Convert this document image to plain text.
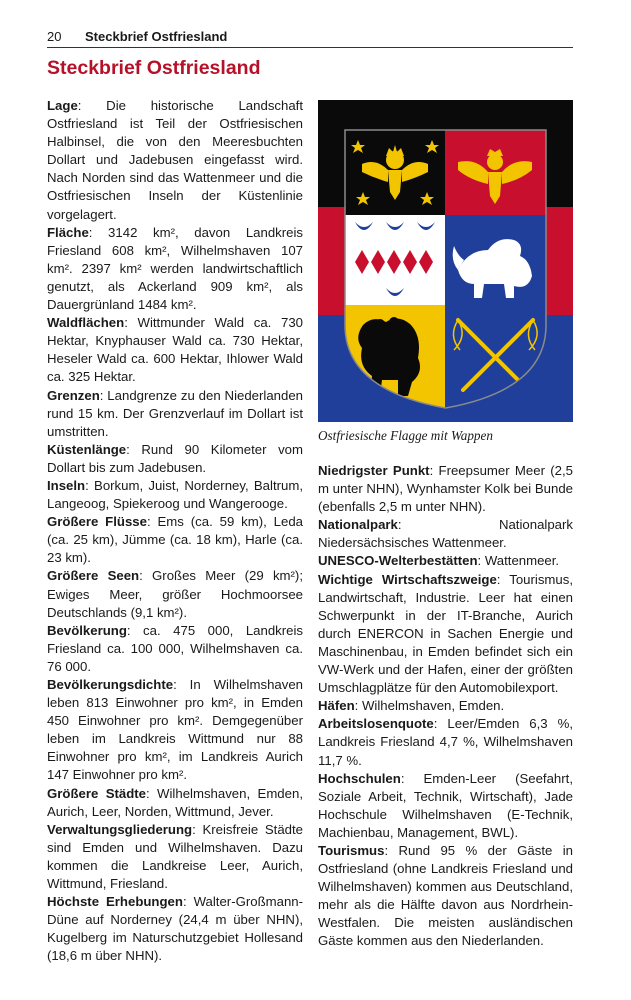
20 Steckbrief Ostfriesland
Steckbrief Ostfriesland

Lage: Die historische Landschaft Ostfriesland ist Teil der Ostfriesischen Halbinsel, die von den Meeresbuchten Dollart und Jadebusen eingefasst wird. Nach Norden sind das Wattenmeer und die Ostfriesischen Inseln der Küstenlinie vorgelagert.

Fläche: 3142 km², davon Landkreis Friesland 608 km², Wilhelmshaven 107 km². 2397 km² werden landwirtschaftlich genutzt, als Ackerland 909 km², als Dauergrünland 1484 km².

Waldflächen: Wittmunder Wald ca. 730 Hektar, Knyphauser Wald ca. 730 Hektar, Heseler Wald ca. 600 Hektar, Ihlower Wald ca. 325 Hektar.

Grenzen: Landgrenze zu den Niederlanden rund 15 km. Der Grenzverlauf im Dollart ist umstritten.

Küstenlänge: Rund 90 Kilometer vom Dollart bis zum Jadebusen.

Inseln: Borkum, Juist, Norderney, Baltrum, Langeoog, Spiekeroog und Wangerooge.

Größere Flüsse: Ems (ca. 59 km), Leda (ca. 25 km), Jümme (ca. 18 km), Harle (ca. 23 km).

Größere Seen: Großes Meer (29 km²); Ewiges Meer, größer Hochmoorsee Deutschlands (9,1 km²).

Bevölkerung: ca. 475 000, Landkreis Friesland ca. 100 000, Wilhelmshaven ca. 76 000.

Bevölkerungsdichte: In Wilhelmshaven leben 813 Einwohner pro km², in Emden 450 Einwohner pro km². Demgegenüber leben im Landkreis Wittmund nur 88 Einwohner pro km², im Landkreis Aurich 147 Einwohner pro km².

Größere Städte: Wilhelmshaven, Emden, Aurich, Leer, Norden, Wittmund, Jever.

Verwaltungsgliederung: Kreisfreie Städte sind Emden und Wilhelmshaven. Dazu kommen die Landkreise Leer, Aurich, Wittmund, Friesland.

Höchste Erhebungen: Walter-Großmann-Düne auf Norderney (24,4 m über NHN), Kugelberg im Naturschutzgebiet Hollesand (18,6 m über NHN).

Ostfriesische Flagge mit Wappen

Niedrigster Punkt: Freepsumer Meer (2,5 m unter NHN), Wynhamster Kolk bei Bunde (ebenfalls 2,5 m unter NHN).

Nationalpark: Nationalpark Niedersächsisches Wattenmeer.

UNESCO-Welterbestätten: Wattenmeer.

Wichtige Wirtschaftszweige: Tourismus, Landwirtschaft, Industrie. Leer hat einen Schwerpunkt in der IT-Branche, Aurich durch ENERCON in Sachen Energie und Maschinenbau, in Emden befindet sich ein VW-Werk und der Hafen, einer der größten Umschlagplätze für den Automobilexport.

Häfen: Wilhelmshaven, Emden.

Arbeitslosenquote: Leer/Emden 6,3 %, Landkreis Friesland 4,7 %, Wilhelmshaven 11,7 %.

Hochschulen: Emden-Leer (Seefahrt, Soziale Arbeit, Technik, Wirtschaft), Jade Hochschule Wilhelmshaven (E-Technik, Machienbau, Management, BWL).

Tourismus: Rund 95 % der Gäste in Ostfriesland (ohne Landkreis Friesland und Wilhelmshaven) kommen aus Deutschland, mehr als die Hälfte davon aus Nordrhein-Westfalen. Die meisten ausländischen Gäste kommen aus den Niederlanden.
